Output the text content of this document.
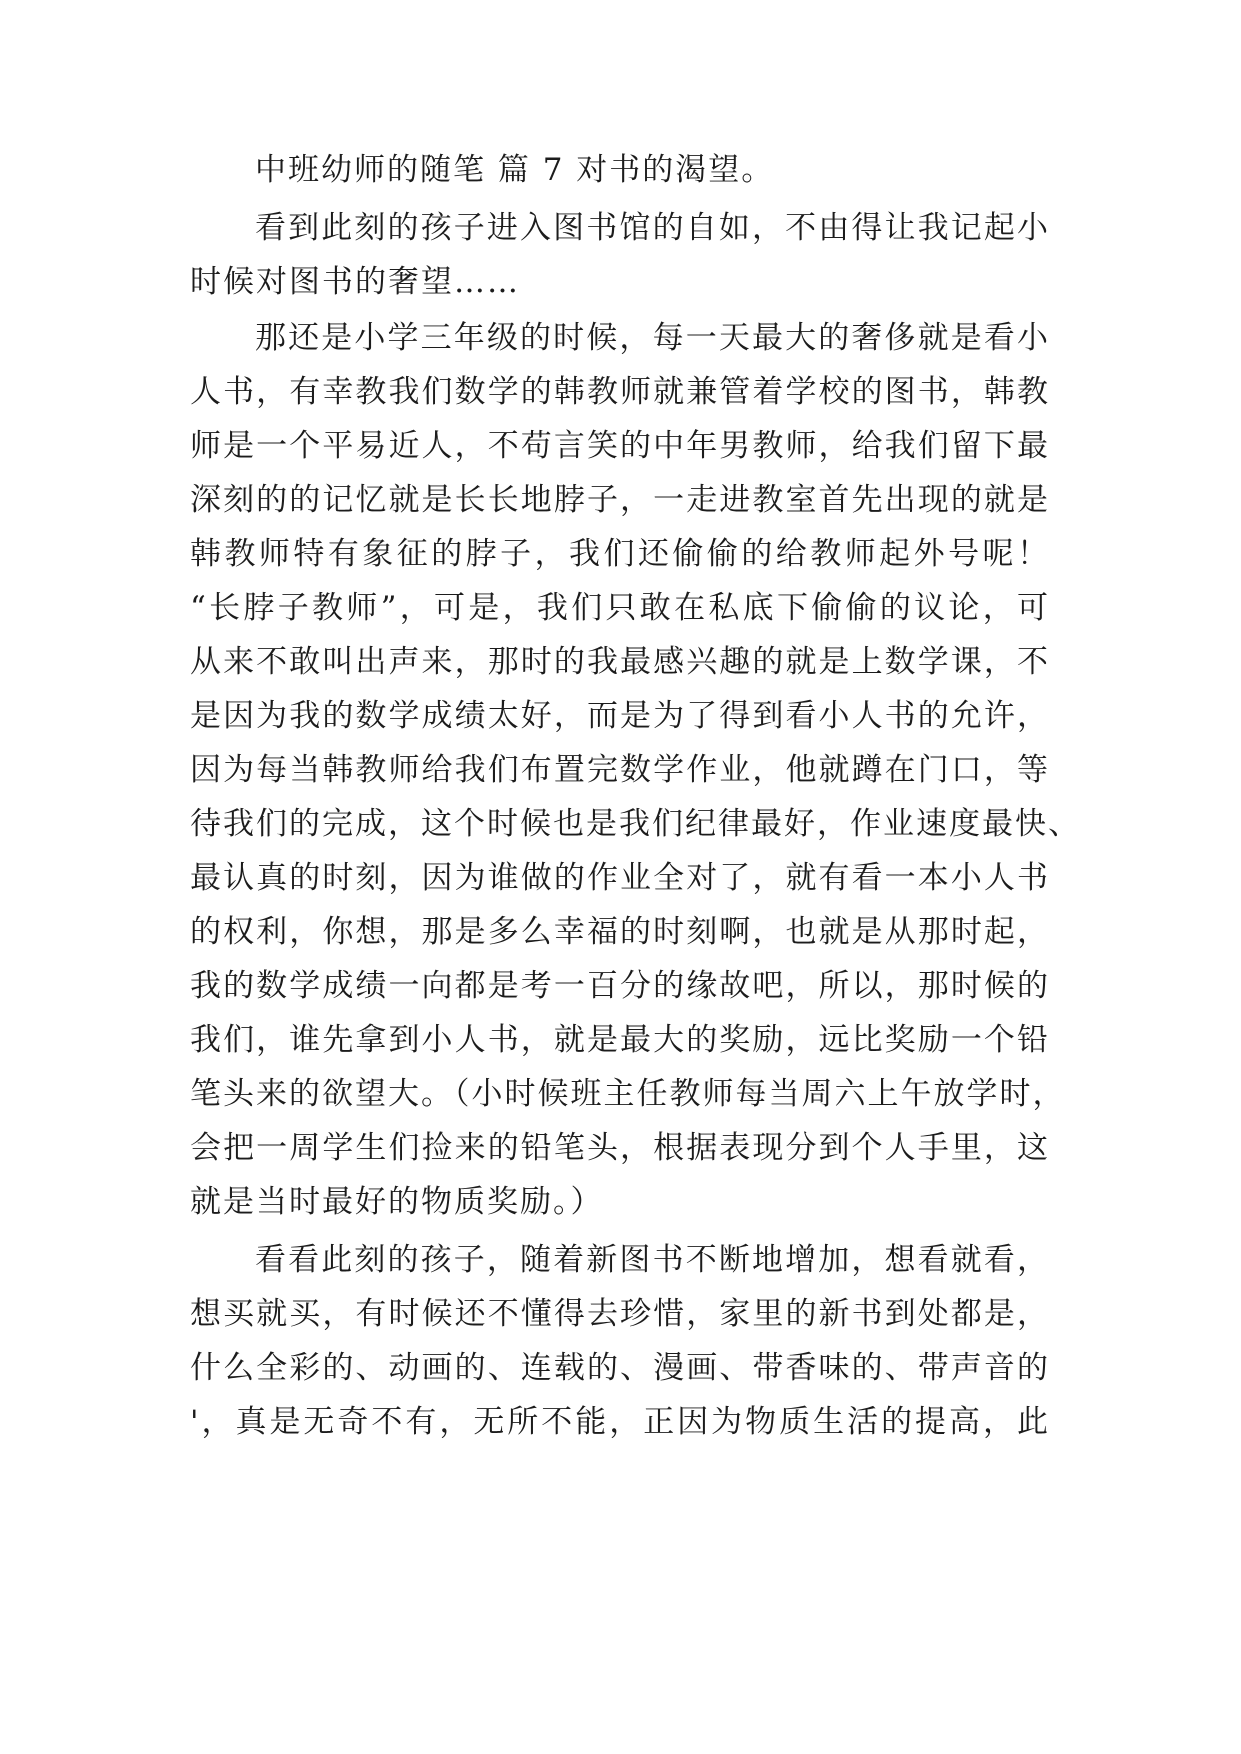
中班幼师的随笔 篇 7 对书的渴望。
看到此刻的孩子进入图书馆的自如，不由得让我记起小
时候对图书的奢望……
那还是小学三年级的时候，每一天最大的奢侈就是看小
人书，有幸教我们数学的韩教师就兼管着学校的图书，韩教
师是一个平易近人，不苟言笑的中年男教师，给我们留下最
深刻的的记忆就是长长地脖子，一走进教室首先出现的就是
韩教师特有象征的脖子，我们还偷偷的给教师起外号呢！
“长脖子教师”，可是，我们只敢在私底下偷偷的议论，可
从来不敢叫出声来，那时的我最感兴趣的就是上数学课，不
是因为我的数学成绩太好，而是为了得到看小人书的允许，
因为每当韩教师给我们布置完数学作业，他就蹲在门口，等
待我们的完成，这个时候也是我们纪律最好，作业速度最快、
最认真的时刻，因为谁做的作业全对了，就有看一本小人书
的权利，你想，那是多么幸福的时刻啊，也就是从那时起，
我的数学成绩一向都是考一百分的缘故吧，所以，那时候的
我们，谁先拿到小人书，就是最大的奖励，远比奖励一个铅
笔头来的欲望大。（小时候班主任教师每当周六上午放学时，
会把一周学生们捡来的铅笔头，根据表现分到个人手里，这
就是当时最好的物质奖励。）
看看此刻的孩子，随着新图书不断地增加，想看就看，
想买就买，有时候还不懂得去珍惜，家里的新书到处都是，
什么全彩的、动画的、连载的、漫画、带香味的、带声音的
'，真是无奇不有，无所不能，正因为物质生活的提高，此
